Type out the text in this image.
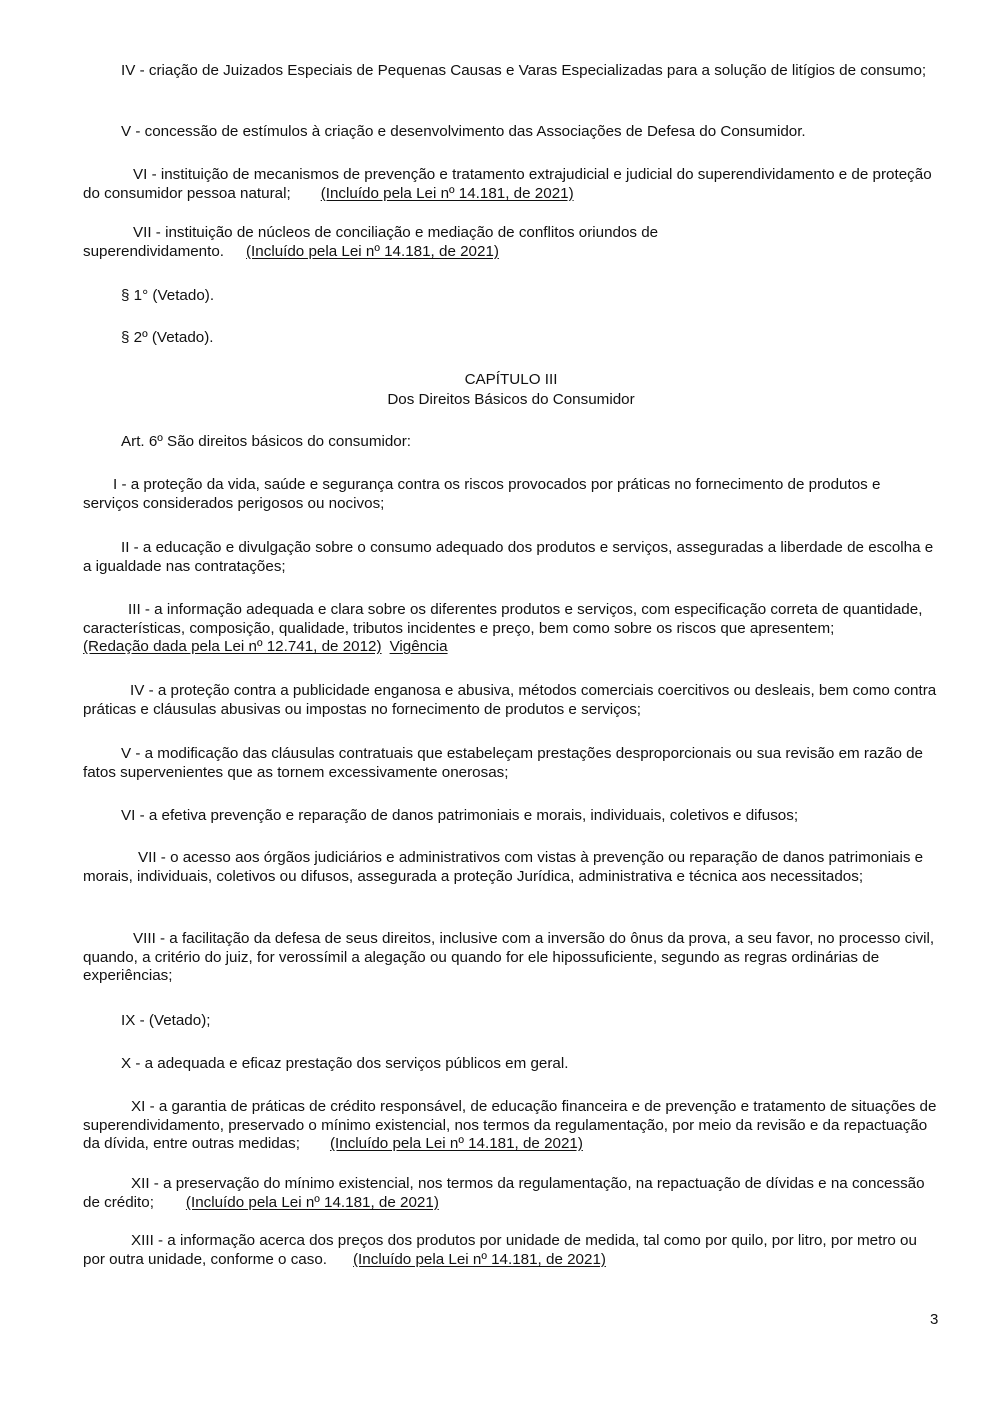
IV - criação de Juizados Especiais de Pequenas Causas e Varas Especializadas para a solução de litígios de consumo;

V - concessão de estímulos à criação e desenvolvimento das Associações de Defesa do Consumidor.

VI - instituição de mecanismos de prevenção e tratamento extrajudicial e judicial do superendividamento e de proteção do consumidor pessoa natural; (Incluído pela Lei nº 14.181, de 2021)

VII - instituição de núcleos de conciliação e mediação de conflitos oriundos de
superendividamento. (Incluído pela Lei nº 14.181, de 2021)

§ 1° (Vetado).

§ 2º (Vetado).

CAPÍTULO III
Dos Direitos Básicos do Consumidor

Art. 6º São direitos básicos do consumidor:

I - a proteção da vida, saúde e segurança contra os riscos provocados por práticas no fornecimento de produtos e serviços considerados perigosos ou nocivos;

II - a educação e divulgação sobre o consumo adequado dos produtos e serviços, asseguradas a liberdade de escolha e a igualdade nas contratações;

III - a informação adequada e clara sobre os diferentes produtos e serviços, com especificação correta de quantidade, características, composição, qualidade, tributos incidentes e preço, bem como sobre os riscos que apresentem;(Redação dada pela Lei nº 12.741, de 2012) Vigência

IV - a proteção contra a publicidade enganosa e abusiva, métodos comerciais coercitivos ou desleais, bem como contra práticas e cláusulas abusivas ou impostas no fornecimento de produtos e serviços;

V - a modificação das cláusulas contratuais que estabeleçam prestações desproporcionais ou sua revisão em razão de fatos supervenientes que as tornem excessivamente onerosas;

VI - a efetiva prevenção e reparação de danos patrimoniais e morais, individuais, coletivos e difusos;

VII - o acesso aos órgãos judiciários e administrativos com vistas à prevenção ou reparação de danos patrimoniais e morais, individuais, coletivos ou difusos, assegurada a proteção Jurídica, administrativa e técnica aos necessitados;

VIII - a facilitação da defesa de seus direitos, inclusive com a inversão do ônus da prova, a seu favor, no processo civil, quando, a critério do juiz, for verossímil a alegação ou quando for ele hipossuficiente, segundo as regras ordinárias de experiências;

IX - (Vetado);

X - a adequada e eficaz prestação dos serviços públicos em geral.

XI - a garantia de práticas de crédito responsável, de educação financeira e de prevenção e tratamento de situações de superendividamento, preservado o mínimo existencial, nos termos da regulamentação, por meio da revisão e da repactuação da dívida, entre outras medidas; (Incluído pela Lei nº 14.181, de 2021)

XII - a preservação do mínimo existencial, nos termos da regulamentação, na repactuação de dívidas e na concessão de crédito; (Incluído pela Lei nº 14.181, de 2021)

XIII - a informação acerca dos preços dos produtos por unidade de medida, tal como por quilo, por litro, por metro ou por outra unidade, conforme o caso. (Incluído pela Lei nº 14.181, de 2021)

3
